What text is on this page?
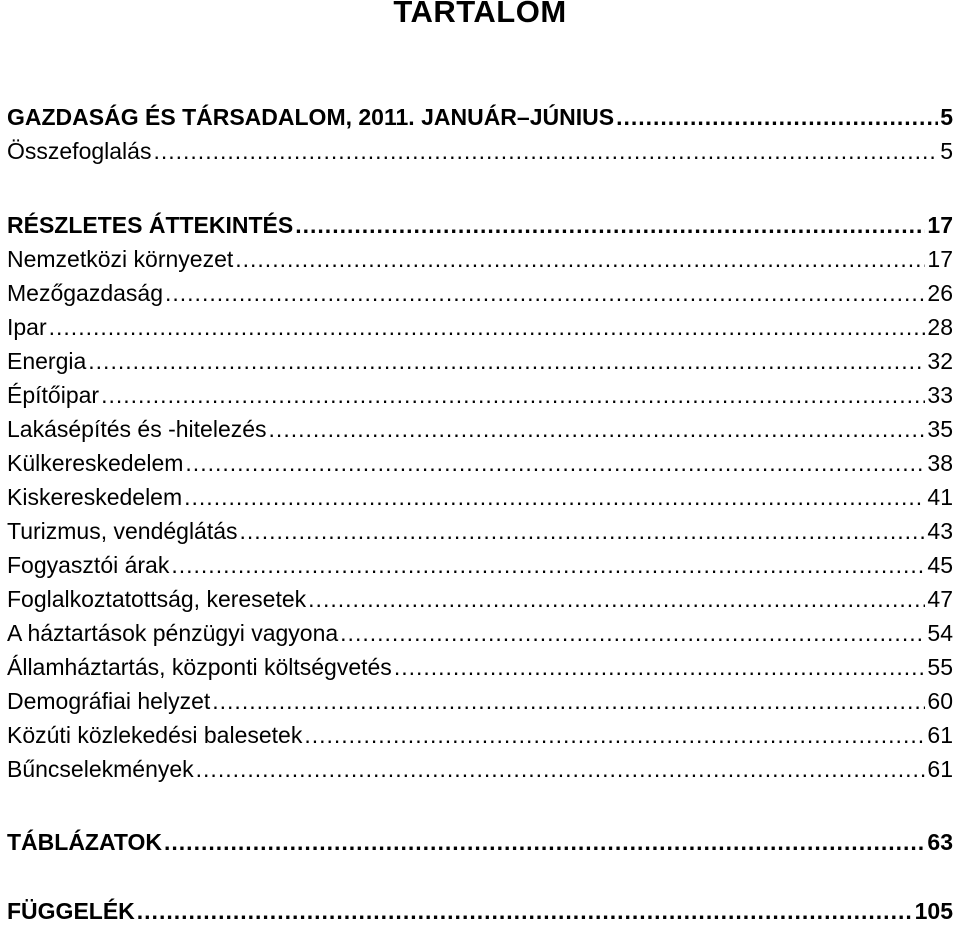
TARTALOM
GAZDASÁG ÉS TÁRSADALOM, 2011. JANUÁR–JÚNIUS .....	5
Összefoglalás .....	5
RÉSZLETES ÁTTEKINTÉS .....	17
Nemzetközi környezet .....	17
Mezőgazdaság .....	26
Ipar .....	28
Energia .....	32
Építőipar .....	33
Lakásépítés és -hitelezés .....	35
Külkereskedelem .....	38
Kiskereskedelem .....	41
Turizmus, vendéglátás .....	43
Fogyasztói árak .....	45
Foglalkoztatottság, keresetek .....	47
A háztartások pénzügyi vagyona .....	54
Államháztartás, központi költségvetés .....	55
Demográfiai helyzet .....	60
Közúti közlekedési balesetek .....	61
Bűncselekmények .....	61
TÁBLÁZATOK .....	63
FÜGGELÉK .....	105
